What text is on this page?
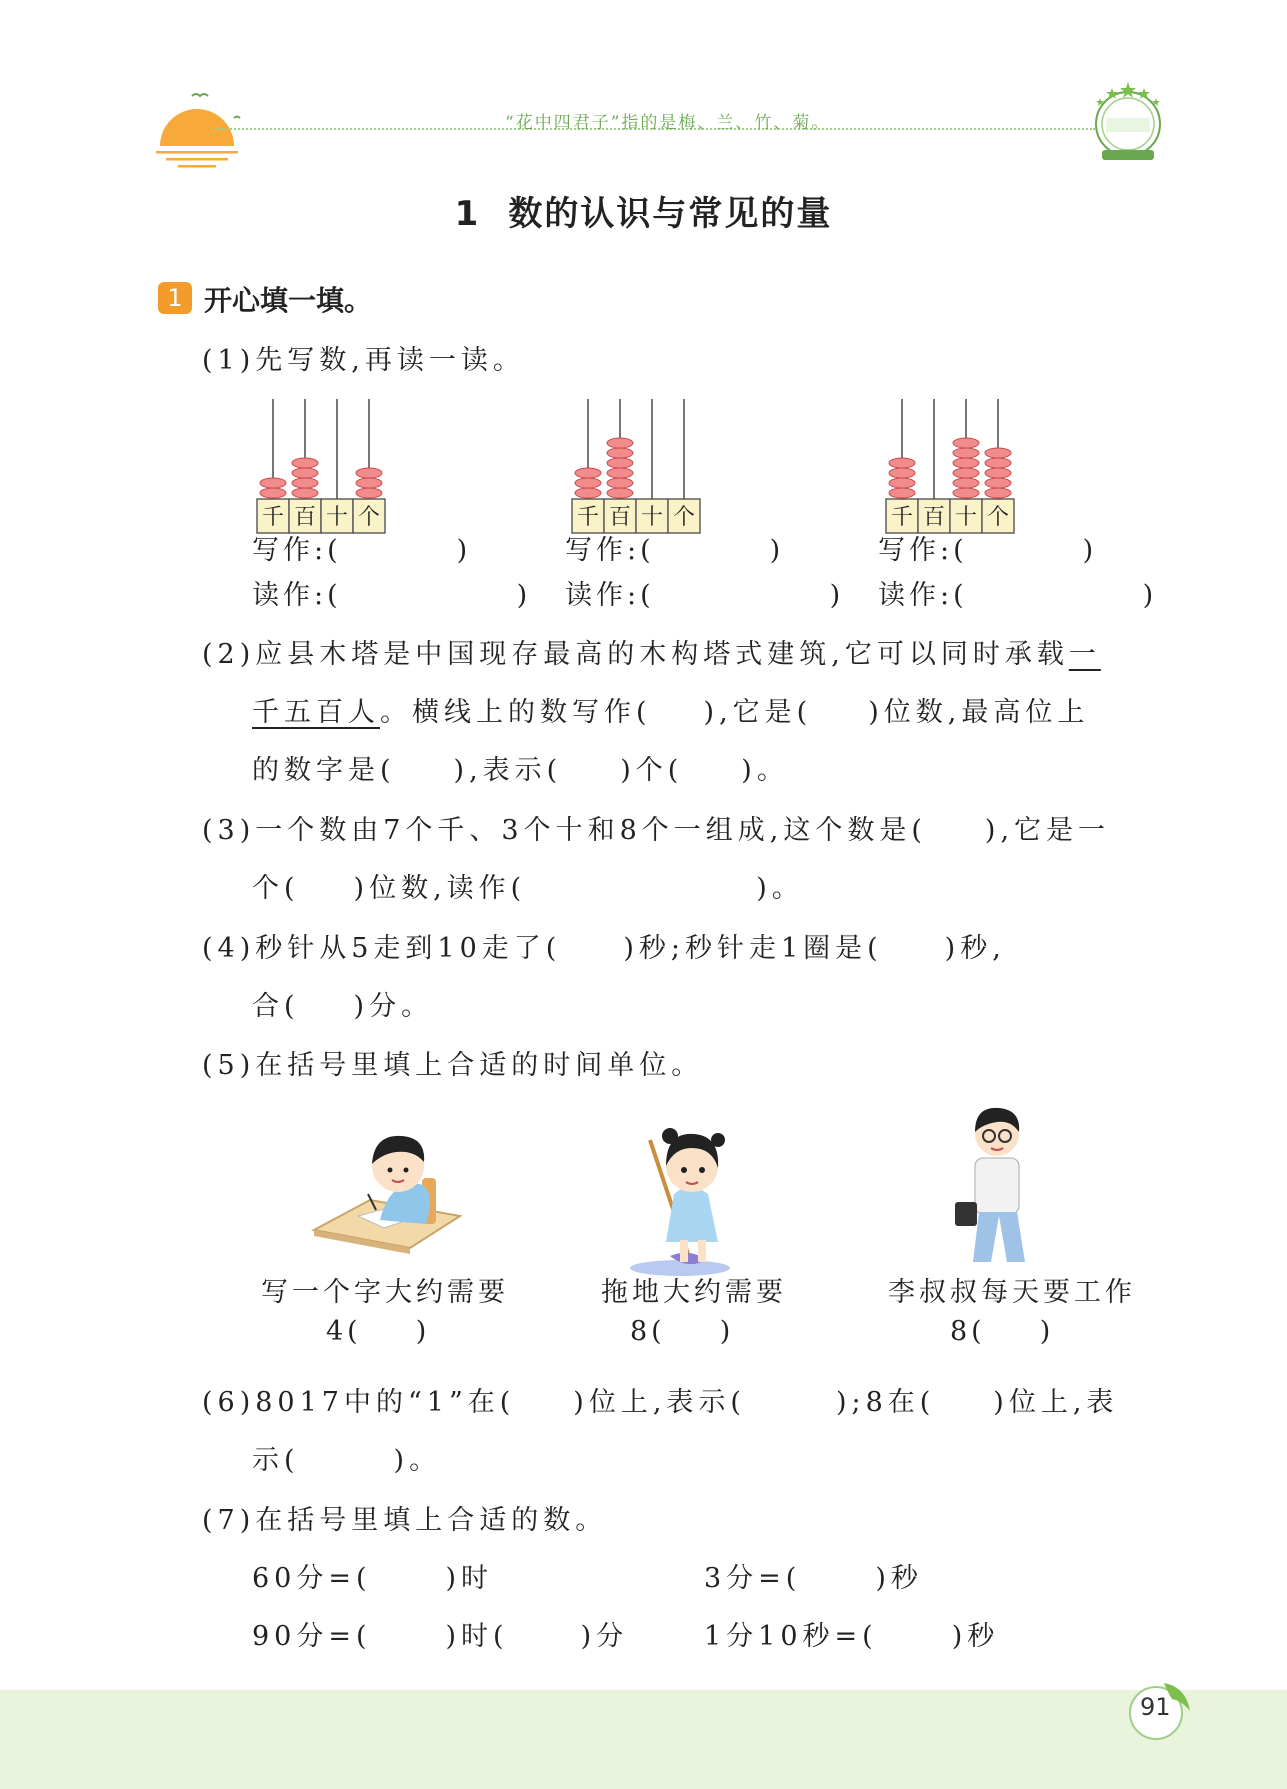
“花中四君子”指的是梅、兰、竹、菊。
1 数的认识与常见的量
1 开心填一填。
(1)先写数,再读一读。
千 百 十 个	千 百 十 个	千 百 十 个
写作:(	)
读作:(	)
写作:(	)
读作:(	)
写作:(	)
读作:(	)
(2)应县木塔是中国现存最高的木构塔式建筑,它可以同时承载一
千五百人。横线上的数写作( ),它是( )位数,最高位上
的数字是( ),表示( )个( )。
(3)一个数由7个千、3个十和8个一组成,这个数是( ),它是一
个( )位数,读作(	)。
(4)秒针从5走到10走了( )秒;秒针走1圈是( )秒,
合( )分。
(5)在括号里填上合适的时间单位。
写一个字大约需要	拖地大约需要	李叔叔每天要工作
4( )	8( )	8( )
(6)8017中的“1”在( )位上,表示(	);8在( )位上,表
示(	)。
(7)在括号里填上合适的数。
60分=(	)时	3分=(	)秒
90分=(	)时(	)分	1分10秒=(	)秒
91
